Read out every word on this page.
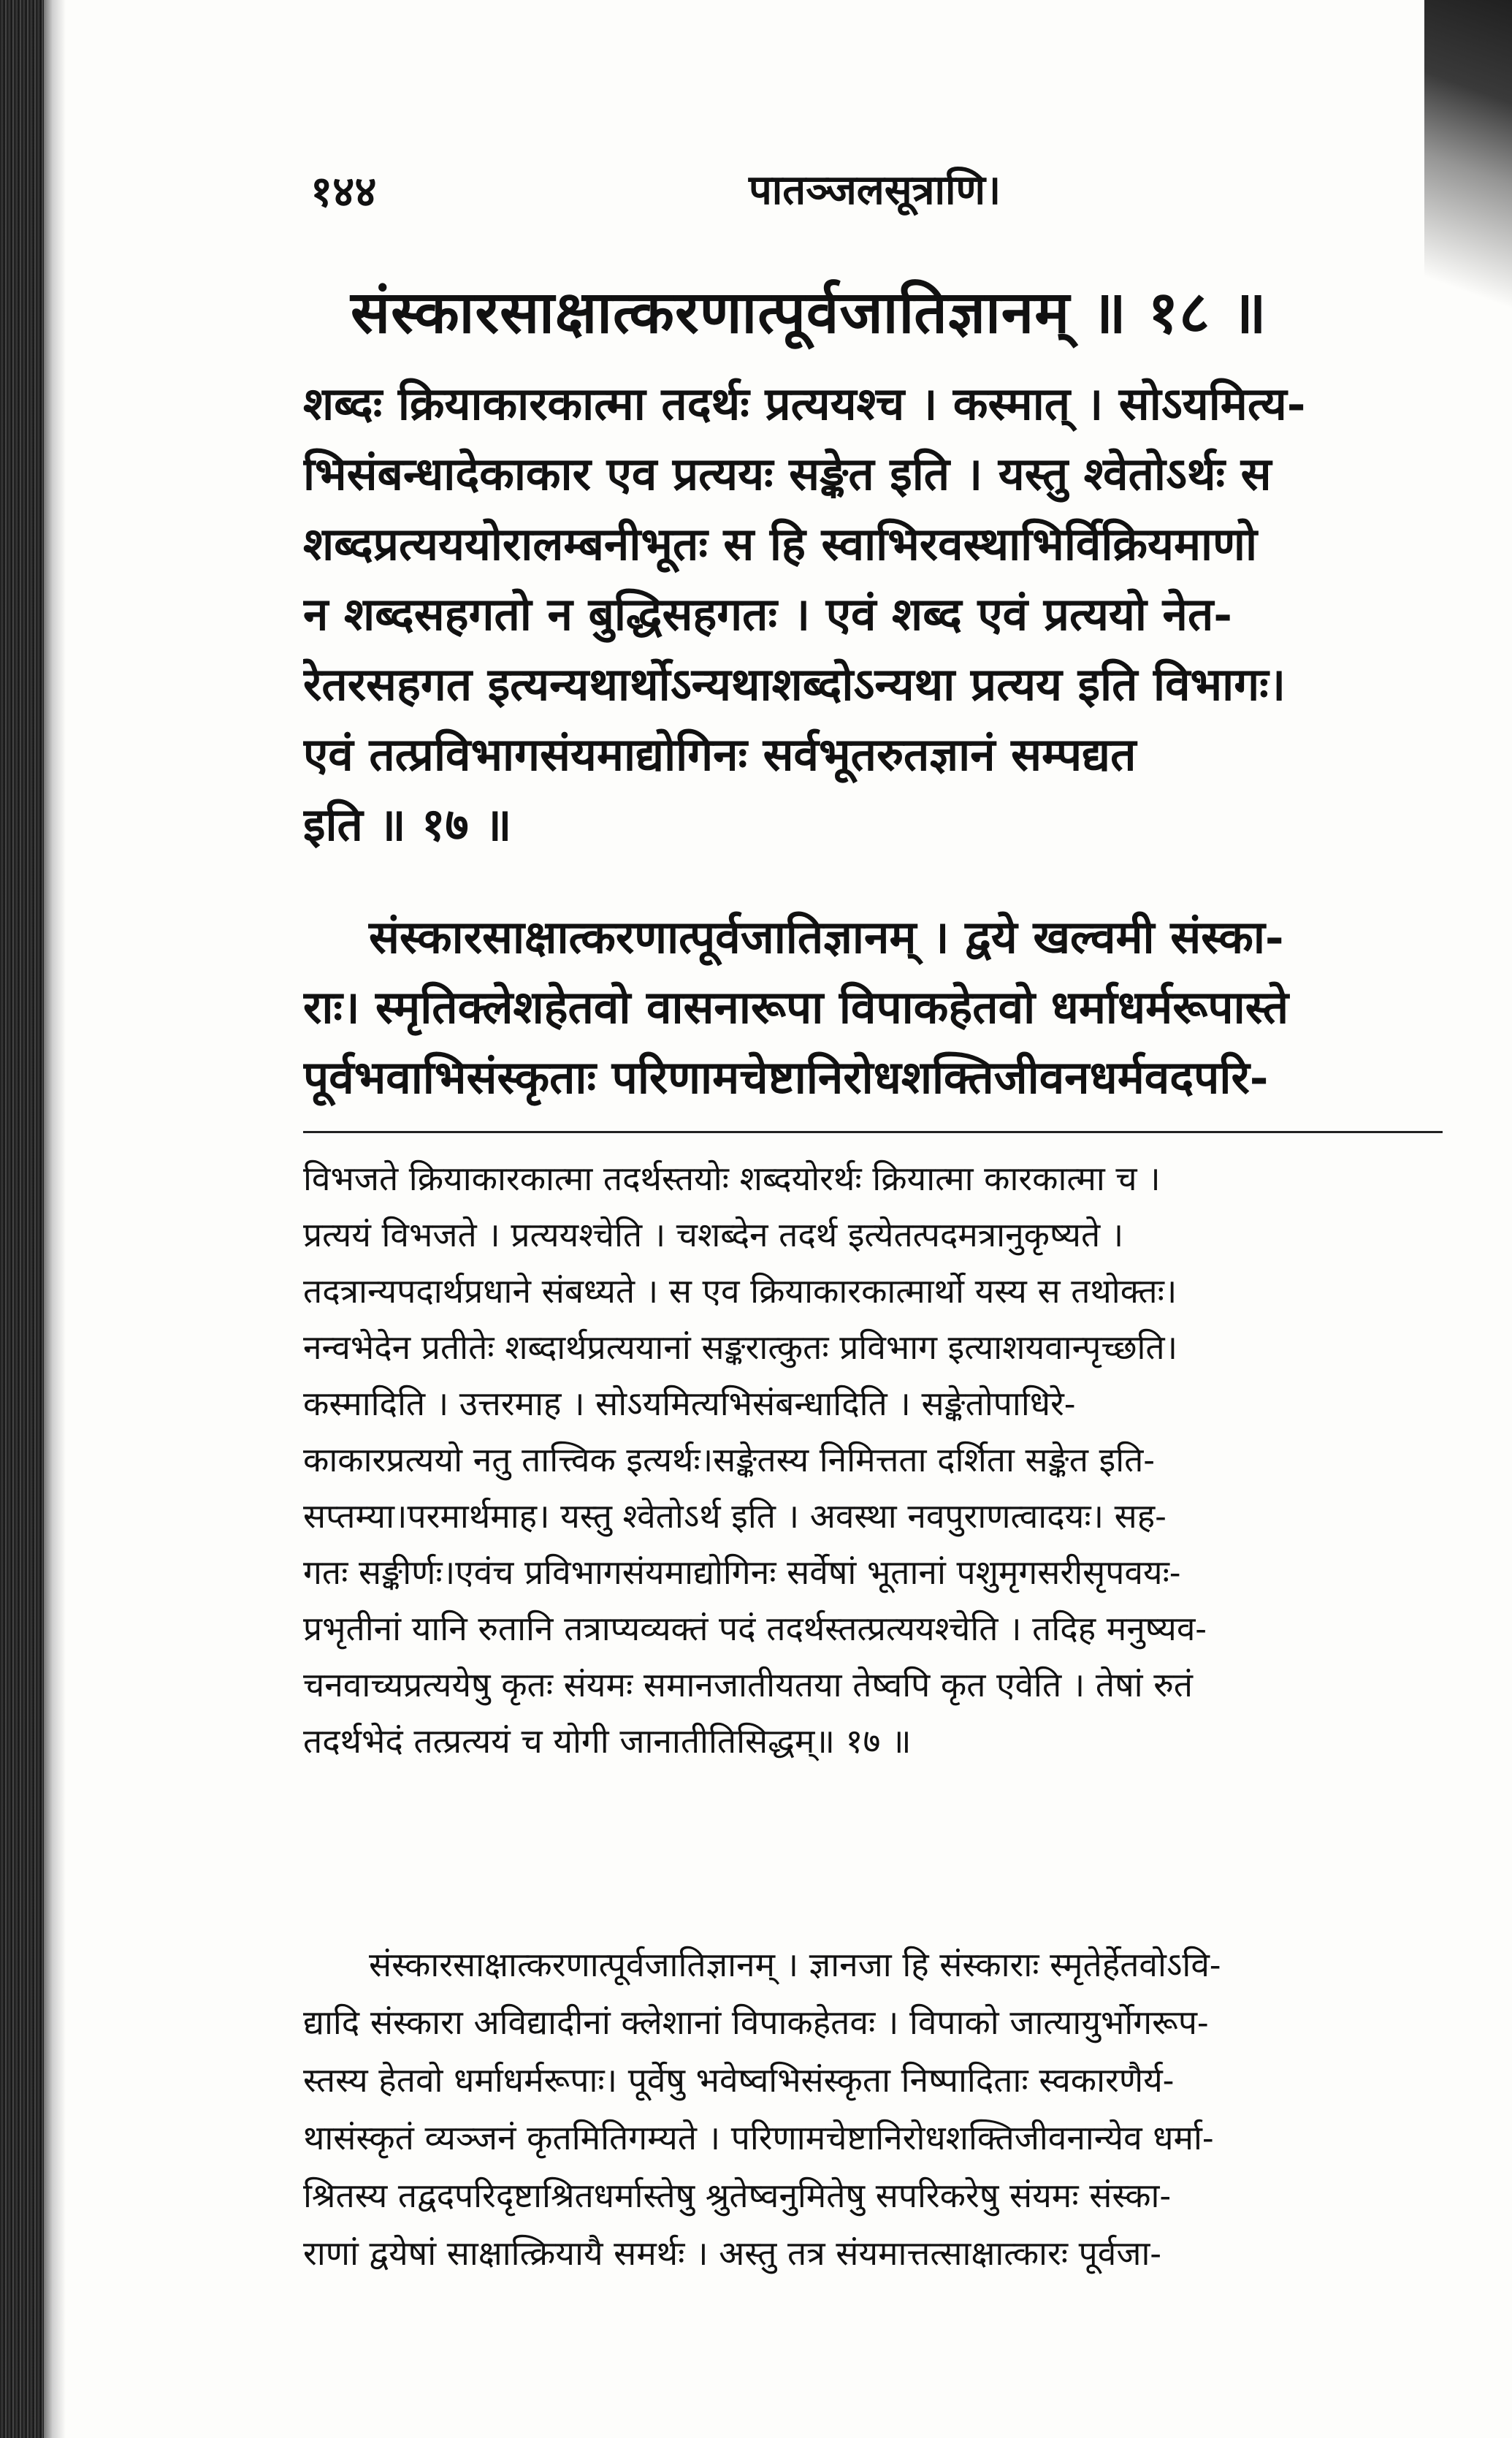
१४४	पातञ्जलसूत्राणि।
संस्कारसाक्षात्करणात्पूर्वजातिज्ञानम् ॥ १८ ॥
शब्दः क्रियाकारकात्मा तदर्थः प्रत्ययश्च । कस्मात् । सोऽयमित्य-
भिसंबन्धादेकाकार एव प्रत्ययः सङ्केत इति । यस्तु श्वेतोऽर्थः स
शब्दप्रत्यययोरालम्बनीभूतः स हि स्वाभिरवस्थाभिर्विक्रियमाणो
न शब्दसहगतो न बुद्धिसहगतः । एवं शब्द एवं प्रत्ययो नेत-
रेतरसहगत इत्यन्यथार्थोऽन्यथाशब्दोऽन्यथा प्रत्यय इति विभागः।
एवं तत्प्रविभागसंयमाद्योगिनः सर्वभूतरुतज्ञानं सम्पद्यत
इति ॥ १७ ॥
संस्कारसाक्षात्करणात्पूर्वजातिज्ञानम् । द्वये खल्वमी संस्का-
राः। स्मृतिक्लेशहेतवो वासनारूपा विपाकहेतवो धर्माधर्मरूपास्ते
पूर्वभवाभिसंस्कृताः परिणामचेष्टानिरोधशक्तिजीवनधर्मवदपरि-
विभजते क्रियाकारकात्मा तदर्थस्तयोः शब्दयोरर्थः क्रियात्मा कारकात्मा च ।
प्रत्ययं विभजते । प्रत्ययश्चेति । चशब्देन तदर्थ इत्येतत्पदमत्रानुकृष्यते ।
तदत्रान्यपदार्थप्रधाने संबध्यते । स एव क्रियाकारकात्मार्थो यस्य स तथोक्तः।
नन्वभेदेन प्रतीतेः शब्दार्थप्रत्ययानां सङ्करात्कुतः प्रविभाग इत्याशयवान्पृच्छति।
कस्मादिति । उत्तरमाह । सोऽयमित्यभिसंबन्धादिति । सङ्केतोपाधिरे-
काकारप्रत्ययो नतु तात्त्विक इत्यर्थः।सङ्केतस्य निमित्तता दर्शिता सङ्केत इति-
सप्तम्या।परमार्थमाह। यस्तु श्वेतोऽर्थ इति । अवस्था नवपुराणत्वादयः। सह-
गतः सङ्कीर्णः।एवंच प्रविभागसंयमाद्योगिनः सर्वेषां भूतानां पशुमृगसरीसृपवयः-
प्रभृतीनां यानि रुतानि तत्राप्यव्यक्तं पदं तदर्थस्तत्प्रत्ययश्चेति । तदिह मनुष्यव-
चनवाच्यप्रत्ययेषु कृतः संयमः समानजातीयतया तेष्वपि कृत एवेति । तेषां रुतं
तदर्थभेदं तत्प्रत्ययं च योगी जानातीतिसिद्धम्॥ १७ ॥
संस्कारसाक्षात्करणात्पूर्वजातिज्ञानम् । ज्ञानजा हि संस्काराः स्मृतेर्हेतवोऽवि-
द्यादि संस्कारा अविद्यादीनां क्लेशानां विपाकहेतवः । विपाको जात्यायुर्भोगरूप-
स्तस्य हेतवो धर्माधर्मरूपाः। पूर्वेषु भवेष्वभिसंस्कृता निष्पादिताः स्वकारणैर्य-
थासंस्कृतं व्यञ्जनं कृतमितिगम्यते । परिणामचेष्टानिरोधशक्तिजीवनान्येव धर्मा-
श्रितस्य तद्वदपरिदृष्टाश्रितधर्मास्तेषु श्रुतेष्वनुमितेषु सपरिकरेषु संयमः संस्का-
राणां द्वयेषां साक्षात्क्रियायै समर्थः । अस्तु तत्र संयमात्तत्साक्षात्कारः पूर्वजा-
